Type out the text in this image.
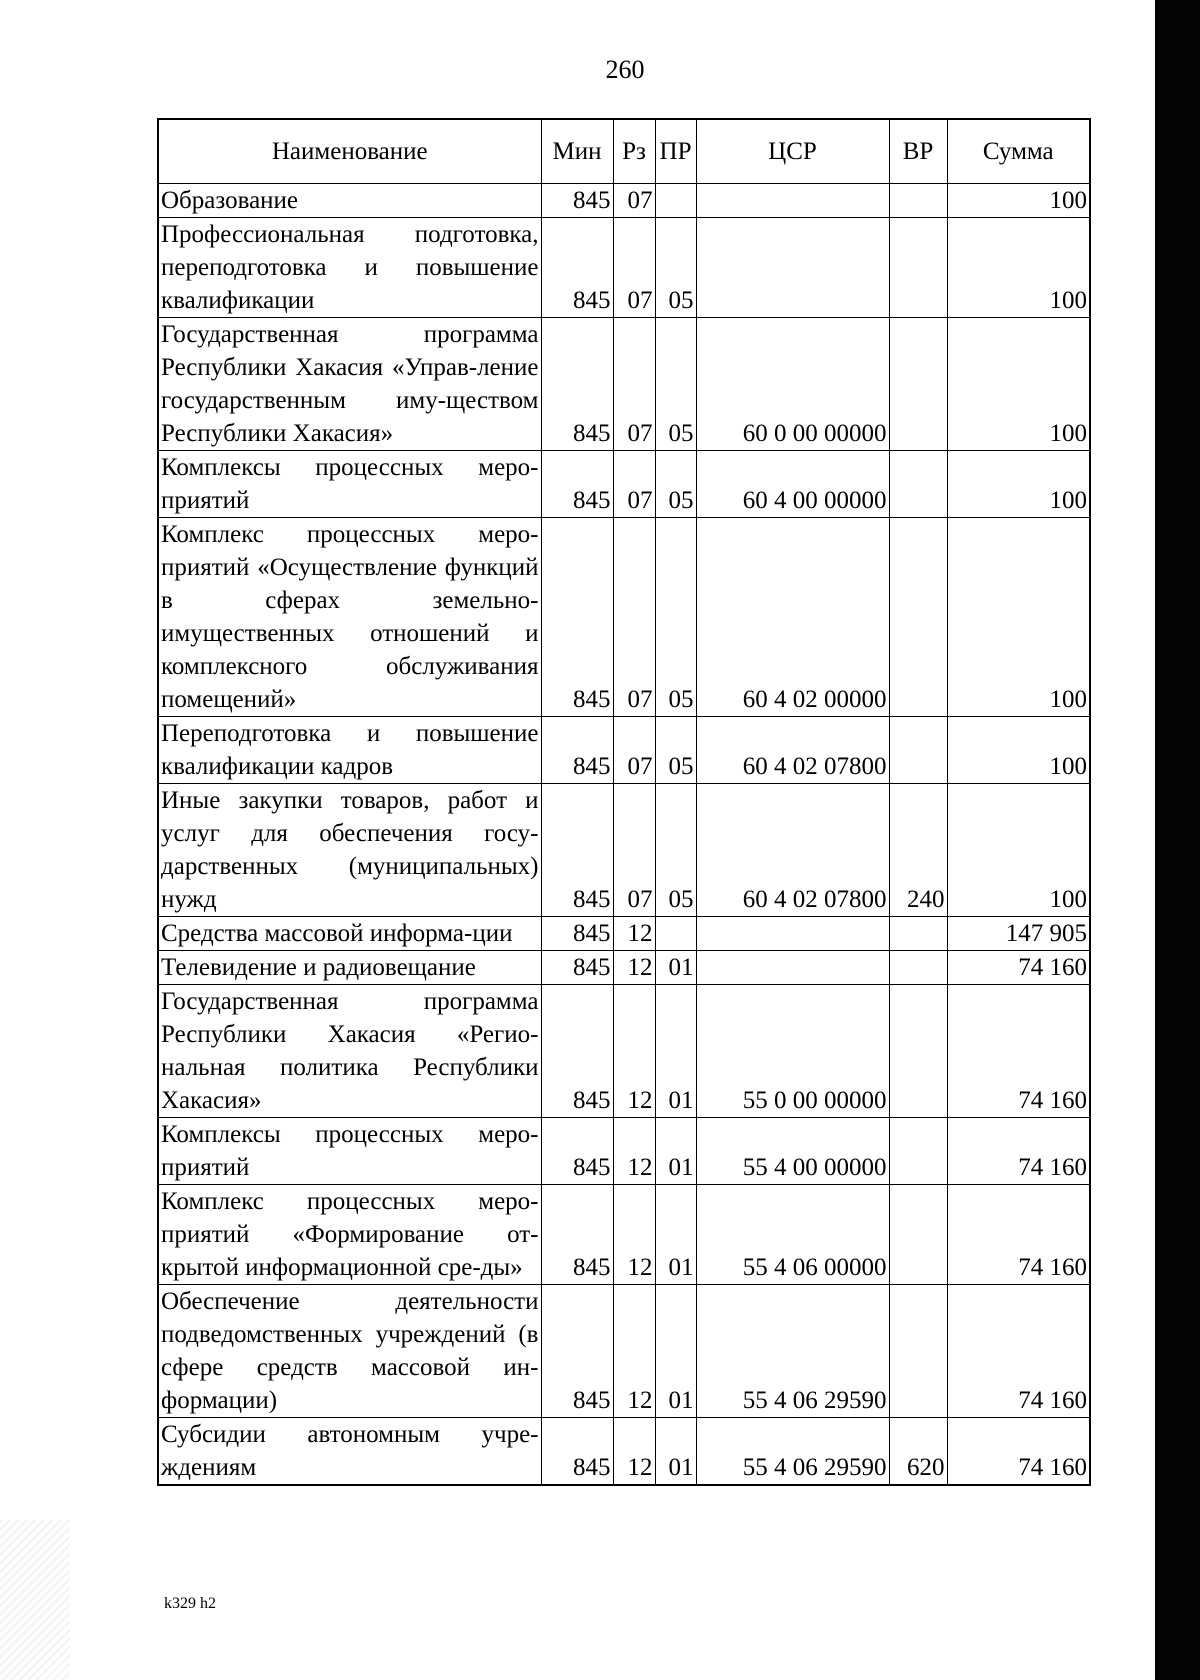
260
Наименование	Мин	Рз	ПР	ЦСР	ВР	Сумма
Образование	845	07				100
Профессиональная подготовка, переподготовка и повышение квалификации	845	07	05			100
Государственная программа Республики Хакасия «Управ-ление государственным иму-ществом Республики Хакасия»	845	07	05	60 0 00 00000		100
Комплексы процессных меро-приятий	845	07	05	60 4 00 00000		100
Комплекс процессных меро-приятий «Осуществление функций в сферах земельно-имущественных отношений и комплексного обслуживания помещений»	845	07	05	60 4 02 00000		100
Переподготовка и повышение квалификации кадров	845	07	05	60 4 02 07800		100
Иные закупки товаров, работ и услуг для обеспечения госу-дарственных (муниципальных) нужд	845	07	05	60 4 02 07800	240	100
Средства массовой информа-ции	845	12				147 905
Телевидение и радиовещание	845	12	01			74 160
Государственная программа Республики Хакасия «Регио-нальная политика Республики Хакасия»	845	12	01	55 0 00 00000		74 160
Комплексы процессных меро-приятий	845	12	01	55 4 00 00000		74 160
Комплекс процессных меро-приятий «Формирование от-крытой информационной сре-ды»	845	12	01	55 4 06 00000		74 160
Обеспечение деятельности подведомственных учреждений (в сфере средств массовой ин-формации)	845	12	01	55 4 06 29590		74 160
Субсидии автономным учре-ждениям	845	12	01	55 4 06 29590	620	74 160
k329 h2
